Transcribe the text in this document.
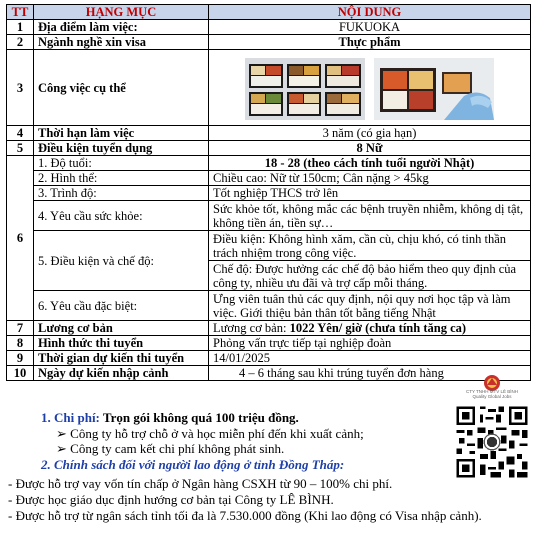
TT	HẠNG MỤC	NỘI DUNG
1	Địa điểm làm việc:	FUKUOKA
2	Ngành nghề xin visa	Thực phẩm
3	Công việc cụ thể	
4	Thời hạn làm việc	3 năm (có gia hạn)
5	Điều kiện tuyển dụng	8 Nữ
6	1. Độ tuổi:	18 - 28 (theo cách tính tuổi người Nhật)
	2. Hình thể:	Chiều cao: Nữ từ 150cm; Cân nặng > 45kg
	3. Trình độ:	Tốt nghiệp THCS trở lên
	4. Yêu cầu sức khỏe:	Sức khỏe tốt, không mắc các bệnh truyền nhiễm, không dị tật, không tiền án, tiền sự…
	5. Điều kiện và chế độ:	Điều kiện: Không hình xăm, cần cù, chịu khó, có tinh thần trách nhiệm trong công việc.
		Chế độ: Được hưởng các chế độ bảo hiểm theo quy định của công ty, nhiều ưu đãi và trợ cấp mỗi tháng.
	6. Yêu cầu đặc biệt:	Ưng viên tuân thủ các quy định, nội quy nơi học tập và làm việc. Giới thiệu bản thân tốt bằng tiếng Nhật
7	Lương cơ bản	Lương cơ bản: 1022 Yên/ giờ (chưa tính tăng ca)
8	Hình thức thi tuyển	Phỏng vấn trực tiếp tại nghiệp đoàn
9	Thời gian dự kiến thi tuyển	14/01/2025
10	Ngày dự kiến nhập cảnh	4 – 6 tháng sau khi trúng tuyển đơn hàng
CTY TNHH MTV LÊ BÌNH
Quality Global Jobs
1. Chi phí: Trọn gói không quá 100 triệu đồng.
➢ Công ty hỗ trợ chỗ ở và học miễn phí đến khi xuất cảnh;
➢ Công ty cam kết chi phí không phát sinh.
2. Chính sách đối với người lao động ở tỉnh Đồng Tháp:
- Được hỗ trợ vay vốn tín chấp ở Ngân hàng CSXH từ 90 – 100% chi phí.
- Được học giáo dục định hướng cơ bản tại Công ty LÊ BÌNH.
- Được hỗ trợ từ ngân sách tỉnh tối đa là 7.530.000 đồng (Khi lao động có Visa nhập cảnh).
